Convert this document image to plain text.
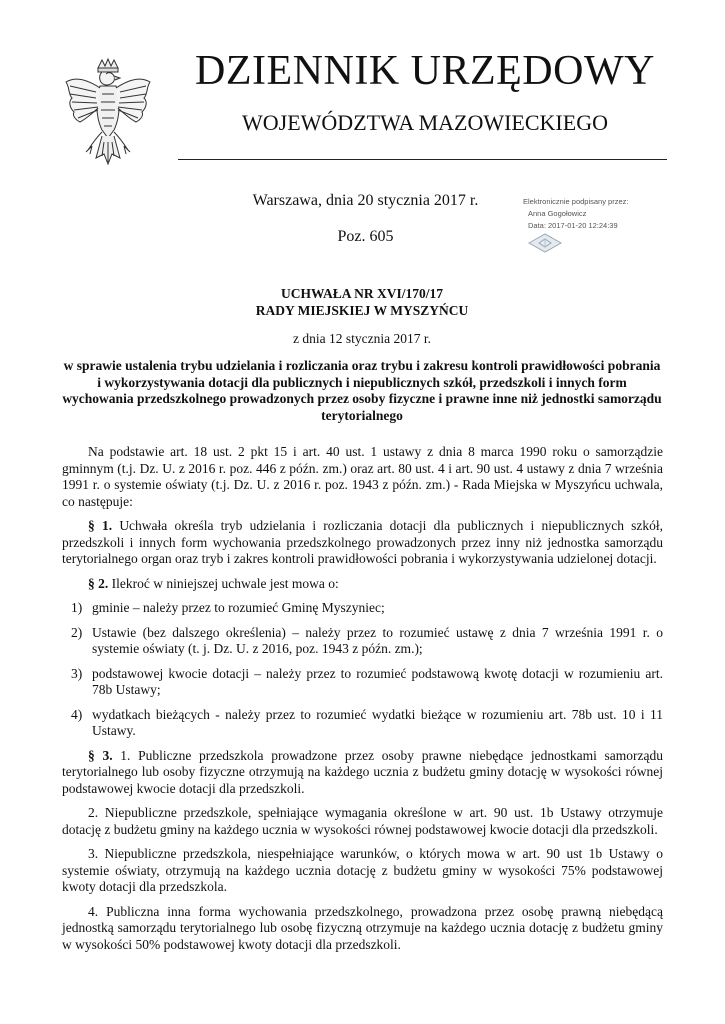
DZIENNIK URZĘDOWY
WOJEWÓDZTWA MAZOWIECKIEGO
Warszawa, dnia 20 stycznia 2017 r.
Poz. 605
Elektronicznie podpisany przez:
Anna Gogołowicz
Data: 2017-01-20 12:24:39
UCHWAŁA NR XVI/170/17
RADY MIEJSKIEJ W MYSZYŃCU
z dnia 12 stycznia 2017 r.
w sprawie ustalenia trybu udzielania i rozliczania oraz trybu i zakresu kontroli prawidłowości pobrania i wykorzystywania dotacji dla publicznych i niepublicznych szkół, przedszkoli i innych form wychowania przedszkolnego prowadzonych przez osoby fizyczne i prawne inne niż jednostki samorządu terytorialnego

Na podstawie art. 18 ust. 2 pkt 15 i art. 40 ust. 1 ustawy z dnia 8 marca 1990 roku o samorządzie gminnym (t.j. Dz. U. z 2016 r. poz. 446 z późn. zm.) oraz art. 80 ust. 4 i art. 90 ust. 4 ustawy z dnia 7 września 1991 r. o systemie oświaty (t.j. Dz. U. z 2016 r. poz. 1943 z późn. zm.) - Rada Miejska w Myszyńcu uchwala, co następuje:

§ 1. Uchwała określa tryb udzielania i rozliczania dotacji dla publicznych i niepublicznych szkół, przedszkoli i innych form wychowania przedszkolnego prowadzonych przez inny niż jednostka samorządu terytorialnego organ oraz tryb i zakres kontroli prawidłowości pobrania i wykorzystywania udzielonej dotacji.

§ 2. Ilekroć w niniejszej uchwale jest mowa o:

1) gminie – należy przez to rozumieć Gminę Myszyniec;
2) Ustawie (bez dalszego określenia) – należy przez to rozumieć ustawę z dnia 7 września 1991 r. o systemie oświaty (t. j. Dz. U. z 2016, poz. 1943 z późn. zm.);
3) podstawowej kwocie dotacji – należy przez to rozumieć podstawową kwotę dotacji w rozumieniu art. 78b Ustawy;
4) wydatkach bieżących - należy przez to rozumieć wydatki bieżące w rozumieniu art. 78b ust. 10 i 11 Ustawy.

§ 3. 1. Publiczne przedszkola prowadzone przez osoby prawne niebędące jednostkami samorządu terytorialnego lub osoby fizyczne otrzymują na każdego ucznia z budżetu gminy dotację w wysokości równej podstawowej kwocie dotacji dla przedszkoli.

2. Niepubliczne przedszkole, spełniające wymagania określone w art. 90 ust. 1b Ustawy otrzymuje dotację z budżetu gminy na każdego ucznia w wysokości równej podstawowej kwocie dotacji dla przedszkoli.

3. Niepubliczne przedszkola, niespełniające warunków, o których mowa w art. 90 ust 1b Ustawy o systemie oświaty, otrzymują na każdego ucznia dotację z budżetu gminy w wysokości 75% podstawowej kwoty dotacji dla przedszkola.

4. Publiczna inna forma wychowania przedszkolnego, prowadzona przez osobę prawną niebędącą jednostką samorządu terytorialnego lub osobę fizyczną otrzymuje na każdego ucznia dotację z budżetu gminy w wysokości 50% podstawowej kwoty dotacji dla przedszkoli.
